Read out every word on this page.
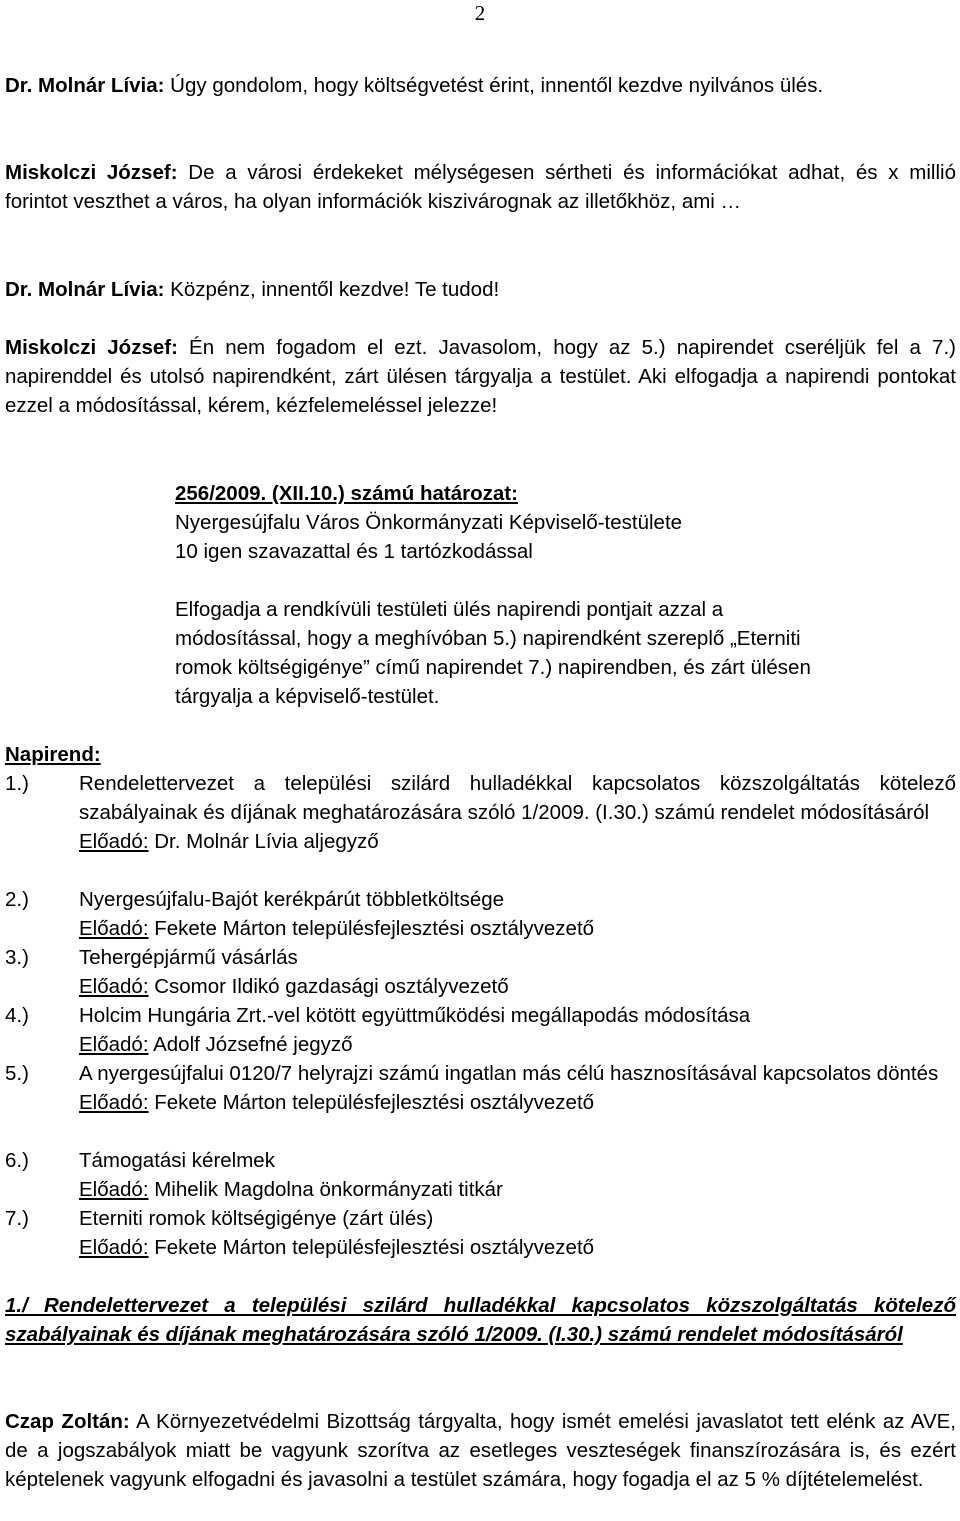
2
Dr. Molnár Lívia: Úgy gondolom, hogy költségvetést érint, innentől kezdve nyilvános ülés.
Miskolczi József: De a városi érdekeket mélységesen sértheti és információkat adhat, és x millió forintot veszthet a város, ha olyan információk kiszivárognak az illetőkhöz, ami …
Dr. Molnár Lívia: Közpénz, innentől kezdve! Te tudod!
Miskolczi József: Én nem fogadom el ezt. Javasolom, hogy az 5.) napirendet cseréljük fel a 7.) napirenddel és utolsó napirendként, zárt ülésen tárgyalja a testület. Aki elfogadja a napirendi pontokat ezzel a módosítással, kérem, kézfelemeléssel jelezze!
256/2009. (XII.10.) számú határozat:
Nyergesújfalu Város Önkormányzati Képviselő-testülete
10 igen szavazattal és 1 tartózkodással
Elfogadja a rendkívüli testületi ülés napirendi pontjait azzal a módosítással, hogy a meghívóban 5.) napirendként szereplő „Eterniti romok költségigénye” című napirendet 7.) napirendben, és zárt ülésen tárgyalja a képviselő-testület.
Napirend:
1.) Rendelettervezet a települési szilárd hulladékkal kapcsolatos közszolgáltatás kötelező szabályainak és díjának meghatározására szóló 1/2009. (I.30.) számú rendelet módosításáról
Előadó: Dr. Molnár Lívia aljegyző
2.) Nyergesújfalu-Bajót kerékpárút többletköltsége
Előadó: Fekete Márton településfejlesztési osztályvezető
3.) Tehergépjármű vásárlás
Előadó: Csomor Ildikó gazdasági osztályvezető
4.) Holcim Hungária Zrt.-vel kötött együttműködési megállapodás módosítása
Előadó: Adolf Józsefné jegyző
5.) A nyergesújfalui 0120/7 helyrajzi számú ingatlan más célú hasznosításával kapcsolatos döntés
Előadó: Fekete Márton településfejlesztési osztályvezető
6.) Támogatási kérelmek
Előadó: Mihelik Magdolna önkormányzati titkár
7.) Eterniti romok költségigénye (zárt ülés)
Előadó: Fekete Márton településfejlesztési osztályvezető
1./ Rendelettervezet a települési szilárd hulladékkal kapcsolatos közszolgáltatás kötelező szabályainak és díjának meghatározására szóló 1/2009. (I.30.) számú rendelet módosításáról
Czap Zoltán: A Környezetvédelmi Bizottság tárgyalta, hogy ismét emelési javaslatot tett elénk az AVE, de a jogszabályok miatt be vagyunk szorítva az esetleges veszteségek finanszírozására is, és ezért képtelenek vagyunk elfogadni és javasolni a testület számára, hogy fogadja el az 5 % díjtételemelést.
